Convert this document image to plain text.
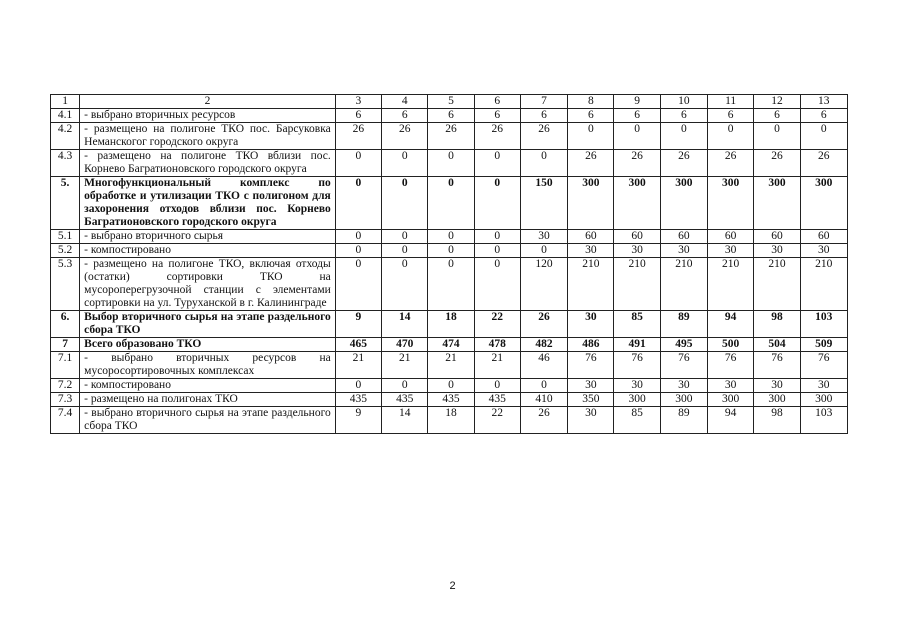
1	2	3	4	5	6	7	8	9	10	11	12	13
4.1	- выбрано вторичных ресурсов	6	6	6	6	6	6	6	6	6	6	6
4.2	- размещено на полигоне ТКО пос. Барсуковка Неманскогог городского округа	26	26	26	26	26	0	0	0	0	0	0
4.3	- размещено на полигоне ТКО вблизи пос. Корнево Багратионовского городского округа	0	0	0	0	0	26	26	26	26	26	26
5.	Многофункциональный комплекс по обработке и утилизации ТКО с полигоном для захоронения отходов вблизи пос. Корнево Багратионовского городского округа	0	0	0	0	150	300	300	300	300	300	300
5.1	- выбрано вторичного сырья	0	0	0	0	30	60	60	60	60	60	60
5.2	- компостировано	0	0	0	0	0	30	30	30	30	30	30
5.3	- размещено на полигоне ТКО, включая отходы (остатки) сортировки ТКО на мусороперегрузочной станции с элементами сортировки на ул. Туруханской в г. Калининграде	0	0	0	0	120	210	210	210	210	210	210
6.	Выбор вторичного сырья на этапе раздельного сбора ТКО	9	14	18	22	26	30	85	89	94	98	103
7	Всего образовано ТКО	465	470	474	478	482	486	491	495	500	504	509
7.1	- выбрано вторичных ресурсов на мусоросортировочных комплексах	21	21	21	21	46	76	76	76	76	76	76
7.2	- компостировано	0	0	0	0	0	30	30	30	30	30	30
7.3	- размещено на полигонах ТКО	435	435	435	435	410	350	300	300	300	300	300
7.4	- выбрано вторичного сырья на этапе раздельного сбора ТКО	9	14	18	22	26	30	85	89	94	98	103
2
